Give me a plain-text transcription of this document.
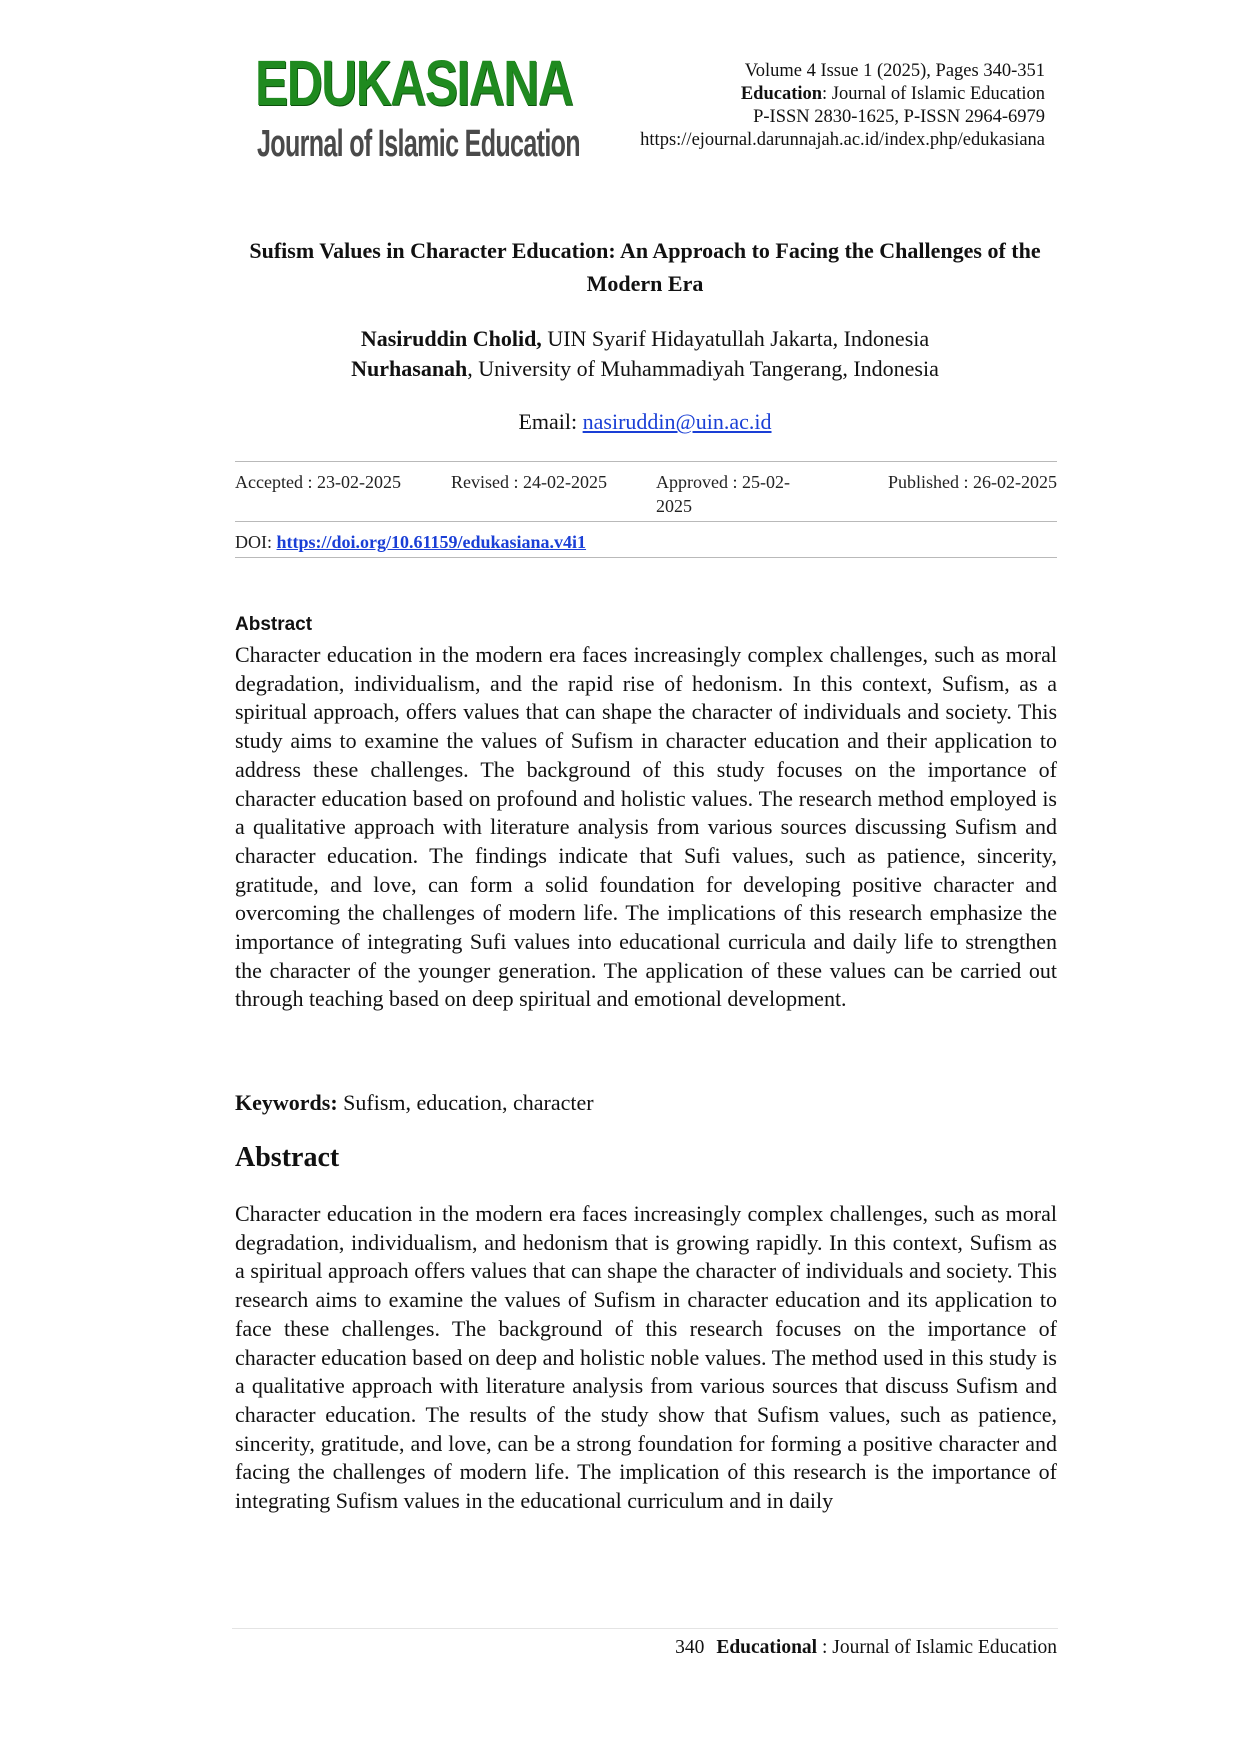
EDUKASIANA
Journal of Islamic Education
Volume 4 Issue 1 (2025), Pages 340-351
Education: Journal of Islamic Education
P-ISSN 2830-1625, P-ISSN 2964-6979
https://ejournal.darunnajah.ac.id/index.php/edukasiana
Sufism Values in Character Education: An Approach to Facing the Challenges of the Modern Era
Nasiruddin Cholid, UIN Syarif Hidayatullah Jakarta, Indonesia
Nurhasanah, University of Muhammadiyah Tangerang, Indonesia
Email: nasiruddin@uin.ac.id
Accepted : 23-02-2025	Revised : 24-02-2025	Approved : 25-02-2025
Published : 26-02-2025
DOI: https://doi.org/10.61159/edukasiana.v4i1
Abstract

Character education in the modern era faces increasingly complex challenges, such as moral degradation, individualism, and the rapid rise of hedonism. In this context, Sufism, as a spiritual approach, offers values that can shape the character of individuals and society. This study aims to examine the values of Sufism in character education and their application to address these challenges. The background of this study focuses on the importance of character education based on profound and holistic values. The research method employed is a qualitative approach with literature analysis from various sources discussing Sufism and character education. The findings indicate that Sufi values, such as patience, sincerity, gratitude, and love, can form a solid foundation for developing positive character and overcoming the challenges of modern life. The implications of this research emphasize the importance of integrating Sufi values into educational curricula and daily life to strengthen the character of the younger generation. The application of these values can be carried out through teaching based on deep spiritual and emotional development.

Keywords: Sufism, education, character
Abstract

Character education in the modern era faces increasingly complex challenges, such as moral degradation, individualism, and hedonism that is growing rapidly. In this context, Sufism as a spiritual approach offers values that can shape the character of individuals and society. This research aims to examine the values of Sufism in character education and its application to face these challenges. The background of this research focuses on the importance of character education based on deep and holistic noble values. The method used in this study is a qualitative approach with literature analysis from various sources that discuss Sufism and character education. The results of the study show that Sufism values, such as patience, sincerity, gratitude, and love, can be a strong foundation for forming a positive character and facing the challenges of modern life. The implication of this research is the importance of integrating Sufism values in the educational curriculum and in daily

340 Educational : Journal of Islamic Education
